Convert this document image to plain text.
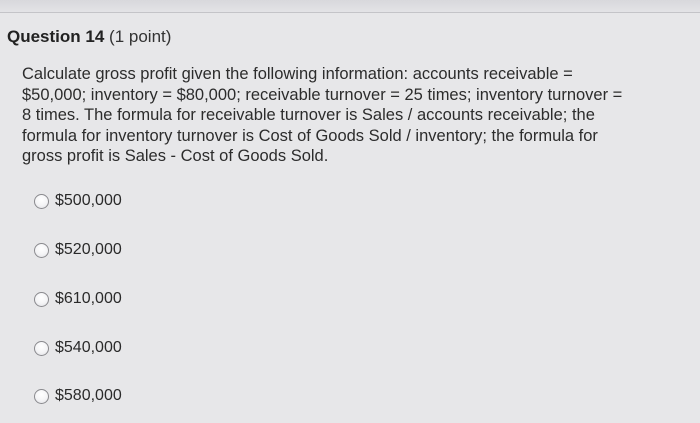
Question 14 (1 point)
Calculate gross profit given the following information: accounts receivable =
$50,000; inventory = $80,000; receivable turnover = 25 times; inventory turnover =
8 times. The formula for receivable turnover is Sales / accounts receivable; the
formula for inventory turnover is Cost of Goods Sold / inventory; the formula for
gross profit is Sales - Cost of Goods Sold.
$500,000
$520,000
$610,000
$540,000
$580,000
